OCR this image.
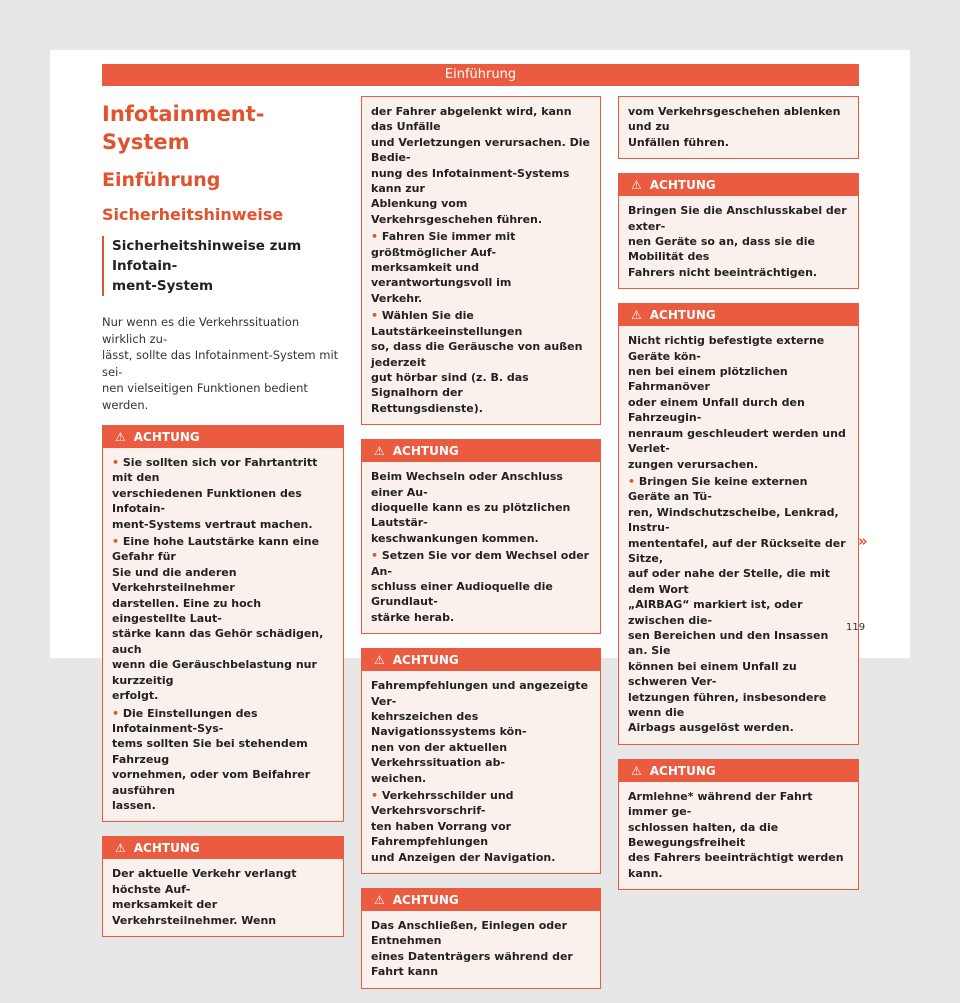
Einführung
Infotainment-System
Einführung
Sicherheitshinweise
Sicherheitshinweise zum Infotain-
ment-System

Nur wenn es die Verkehrssituation wirklich zu-
lässt, sollte das Infotainment-System mit sei-
nen vielseitigen Funktionen bedient werden.

⚠ ACHTUNG
• Sie sollten sich vor Fahrtantritt mit den
verschiedenen Funktionen des Infotain-
ment-Systems vertraut machen.
• Eine hohe Lautstärke kann eine Gefahr für
Sie und die anderen Verkehrsteilnehmer
darstellen. Eine zu hoch eingestellte Laut-
stärke kann das Gehör schädigen, auch
wenn die Geräuschbelastung nur kurzzeitig
erfolgt.
• Die Einstellungen des Infotainment-Sys-
tems sollten Sie bei stehendem Fahrzeug
vornehmen, oder vom Beifahrer ausführen
lassen.
⚠ ACHTUNG

Der aktuelle Verkehr verlangt höchste Auf-
merksamkeit der Verkehrsteilnehmer. Wenn

der Fahrer abgelenkt wird, kann das Unfälle
und Verletzungen verursachen. Die Bedie-
nung des Infotainment-Systems kann zur
Ablenkung vom Verkehrsgeschehen führen.

• Fahren Sie immer mit größtmöglicher Auf-
merksamkeit und verantwortungsvoll im
Verkehr.
• Wählen Sie die Lautstärkeeinstellungen
so, dass die Geräusche von außen jederzeit
gut hörbar sind (z. B. das Signalhorn der
Rettungsdienste).
⚠ ACHTUNG

Beim Wechseln oder Anschluss einer Au-
dioquelle kann es zu plötzlichen Lautstär-
keschwankungen kommen.

• Setzen Sie vor dem Wechsel oder An-
schluss einer Audioquelle die Grundlaut-
stärke herab.
⚠ ACHTUNG

Fahrempfehlungen und angezeigte Ver-
kehrszeichen des Navigationssystems kön-
nen von der aktuellen Verkehrssituation ab-
weichen.

• Verkehrsschilder und Verkehrsvorschrif-
ten haben Vorrang vor Fahrempfehlungen
und Anzeigen der Navigation.
⚠ ACHTUNG

Das Anschließen, Einlegen oder Entnehmen
eines Datenträgers während der Fahrt kann

vom Verkehrsgeschehen ablenken und zu
Unfällen führen.

⚠ ACHTUNG

Bringen Sie die Anschlusskabel der exter-
nen Geräte so an, dass sie die Mobilität des
Fahrers nicht beeinträchtigen.

⚠ ACHTUNG

Nicht richtig befestigte externe Geräte kön-
nen bei einem plötzlichen Fahrmanöver
oder einem Unfall durch den Fahrzeugin-
nenraum geschleudert werden und Verlet-
zungen verursachen.

• Bringen Sie keine externen Geräte an Tü-
ren, Windschutzscheibe, Lenkrad, Instru-
mententafel, auf der Rückseite der Sitze,
auf oder nahe der Stelle, die mit dem Wort
„AIRBAG“ markiert ist, oder zwischen die-
sen Bereichen und den Insassen an. Sie
können bei einem Unfall zu schweren Ver-
letzungen führen, insbesondere wenn die
Airbags ausgelöst werden.
⚠ ACHTUNG

Armlehne* während der Fahrt immer ge-
schlossen halten, da die Bewegungsfreiheit
des Fahrers beeinträchtigt werden kann.

»
119
